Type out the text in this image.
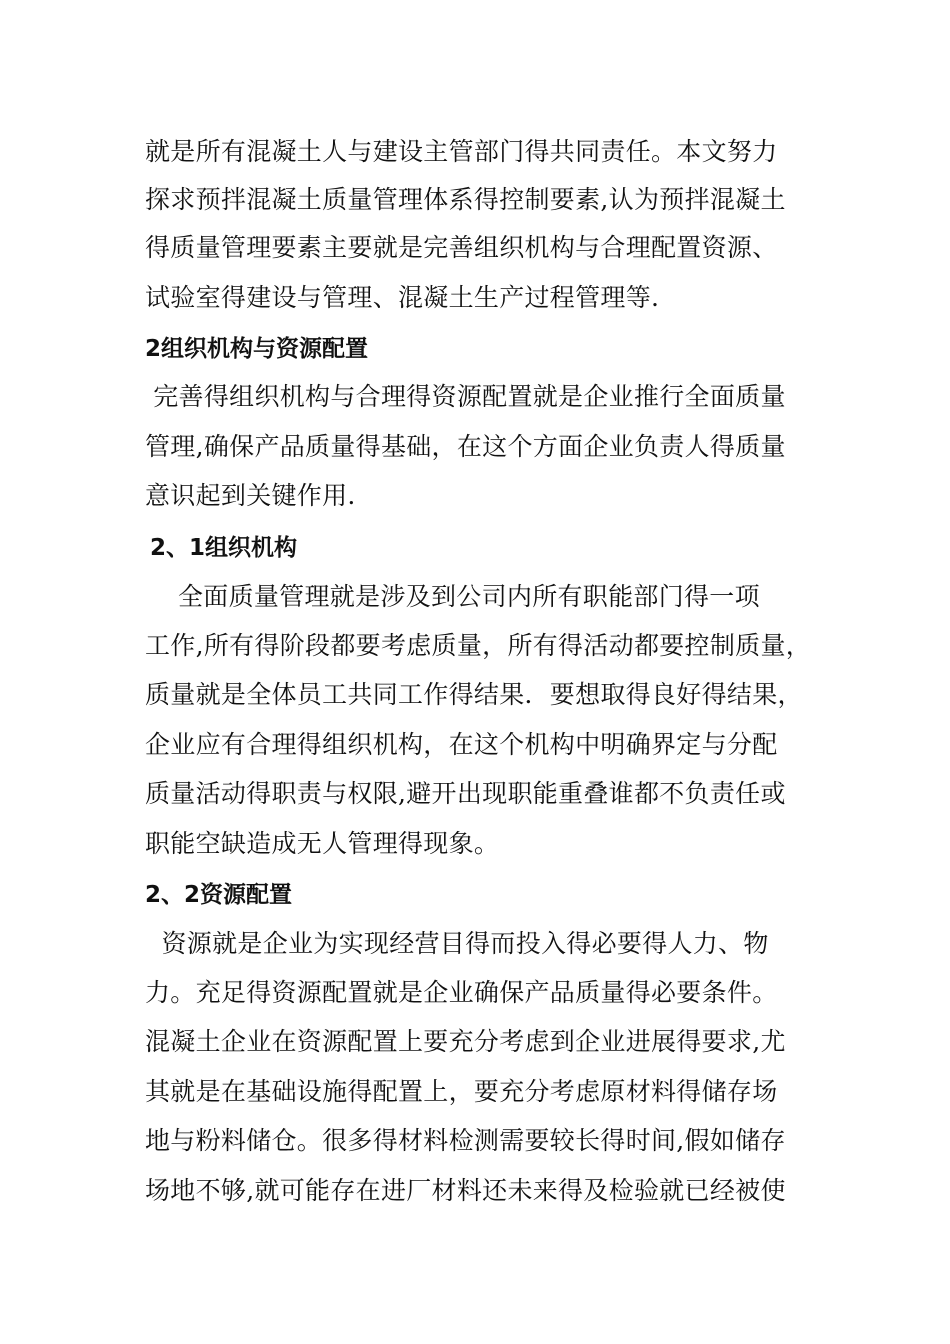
就是所有混凝土人与建设主管部门得共同责任。本文努力
探求预拌混凝土质量管理体系得控制要素,认为预拌混凝土
得质量管理要素主要就是完善组织机构与合理配置资源、
试验室得建设与管理、混凝土生产过程管理等.
2组织机构与资源配置
完善得组织机构与合理得资源配置就是企业推行全面质量
管理,确保产品质量得基础，在这个方面企业负责人得质量
意识起到关键作用.
2、1组织机构
全面质量管理就是涉及到公司内所有职能部门得一项
工作,所有得阶段都要考虑质量，所有得活动都要控制质量，
质量就是全体员工共同工作得结果．要想取得良好得结果，
企业应有合理得组织机构，在这个机构中明确界定与分配
质量活动得职责与权限,避开出现职能重叠谁都不负责任或
职能空缺造成无人管理得现象。
2、2资源配置
资源就是企业为实现经营目得而投入得必要得人力、物
力。充足得资源配置就是企业确保产品质量得必要条件。
混凝土企业在资源配置上要充分考虑到企业进展得要求,尤
其就是在基础设施得配置上，要充分考虑原材料得储存场
地与粉料储仓。很多得材料检测需要较长得时间,假如储存
场地不够,就可能存在进厂材料还未来得及检验就已经被使
